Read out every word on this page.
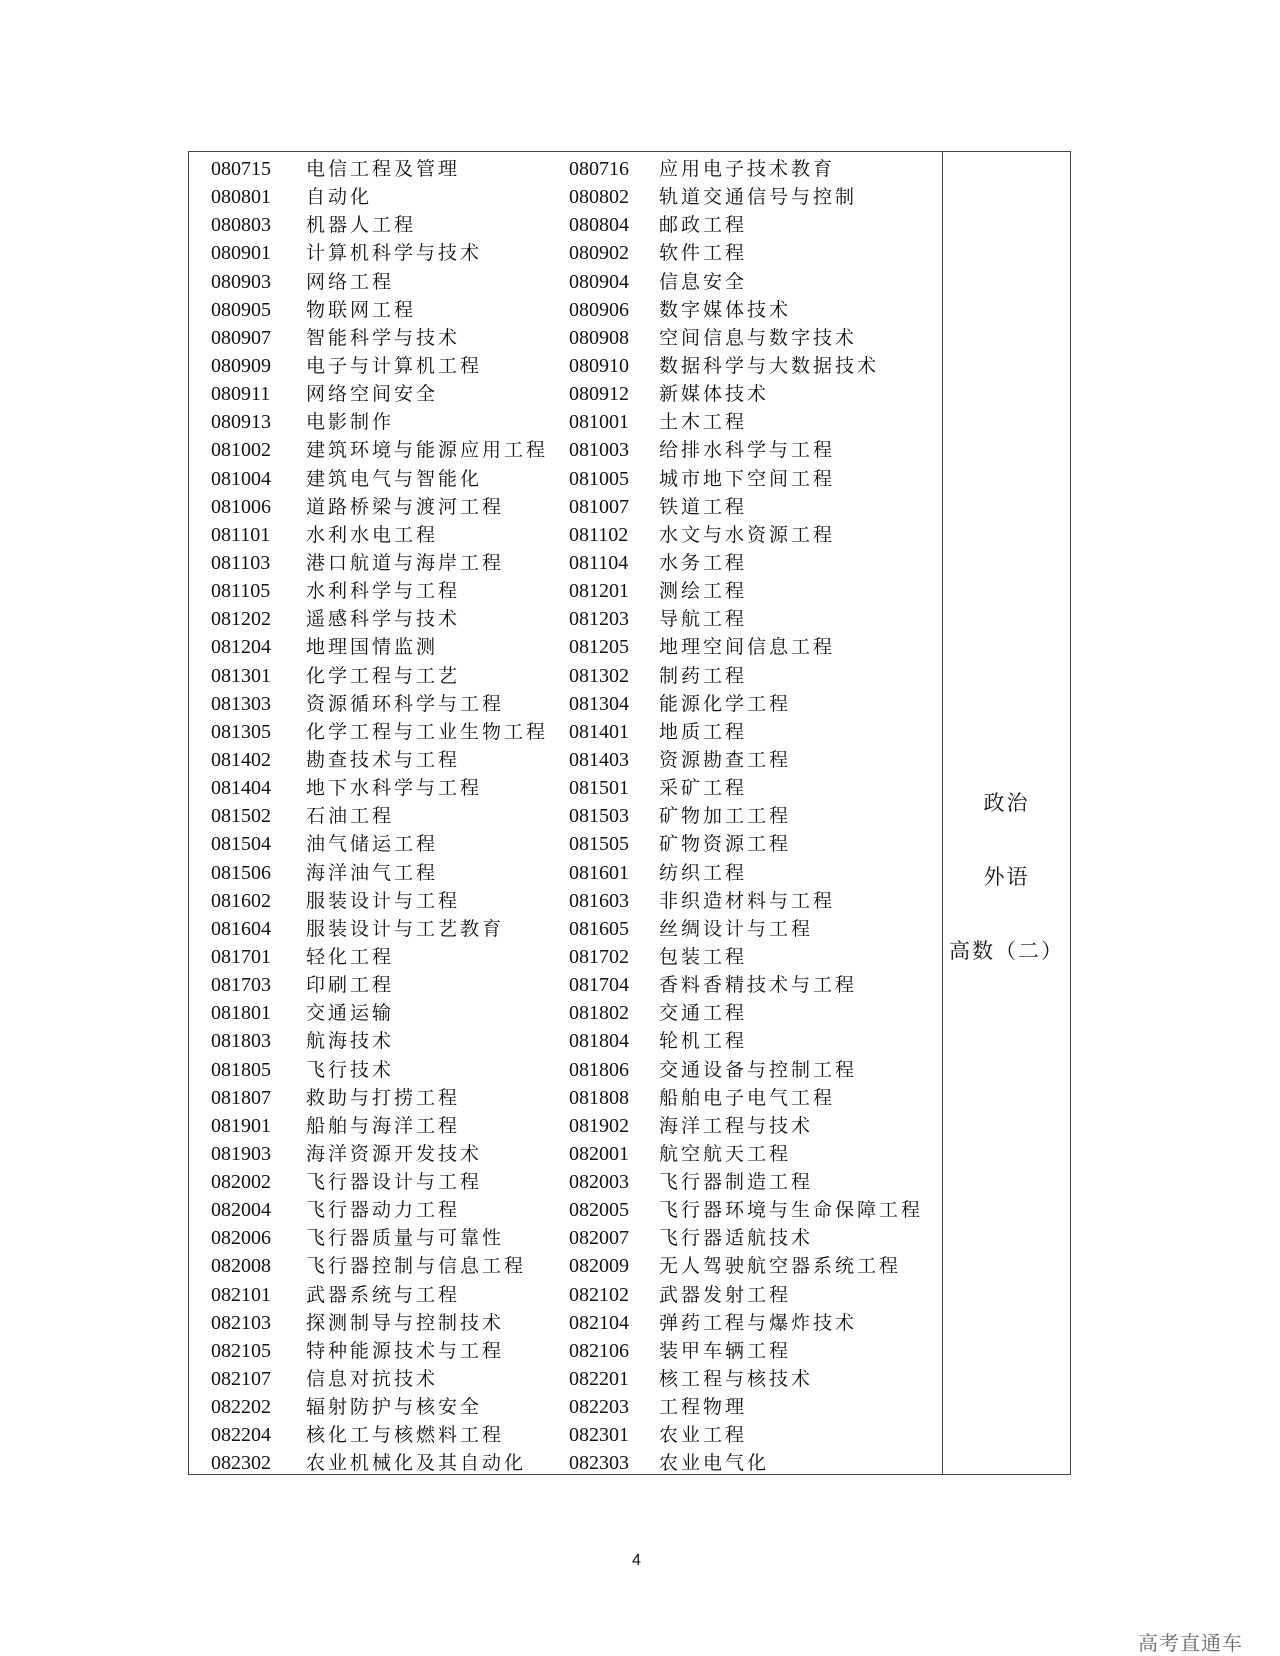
080715 电信工程及管理	080716 应用电子技术教育
080801 自动化	080802 轨道交通信号与控制
080803 机器人工程	080804 邮政工程
080901 计算机科学与技术	080902 软件工程
080903 网络工程	080904 信息安全
080905 物联网工程	080906 数字媒体技术
080907 智能科学与技术	080908 空间信息与数字技术
080909 电子与计算机工程	080910 数据科学与大数据技术
080911 网络空间安全	080912 新媒体技术
080913 电影制作	081001 土木工程
081002 建筑环境与能源应用工程 081003 给排水科学与工程
081004 建筑电气与智能化	081005 城市地下空间工程
081006 道路桥梁与渡河工程	081007 铁道工程
081101 水利水电工程	081102 水文与水资源工程
081103 港口航道与海岸工程	081104 水务工程
081105 水利科学与工程	081201 测绘工程
081202 遥感科学与技术	081203 导航工程
081204 地理国情监测	081205 地理空间信息工程
081301 化学工程与工艺	081302 制药工程
081303 资源循环科学与工程	081304 能源化学工程
081305 化学工程与工业生物工程 081401 地质工程
081402 勘查技术与工程	081403 资源勘查工程
081404 地下水科学与工程	081501 采矿工程
081502 石油工程	081503 矿物加工工程
081504 油气储运工程	081505 矿物资源工程
081506 海洋油气工程	081601 纺织工程
081602 服装设计与工程	081603 非织造材料与工程
081604 服装设计与工艺教育	081605 丝绸设计与工程
081701 轻化工程	081702 包装工程
081703 印刷工程	081704 香料香精技术与工程
081801 交通运输	081802 交通工程
081803 航海技术	081804 轮机工程
081805 飞行技术	081806 交通设备与控制工程
081807 救助与打捞工程	081808 船舶电子电气工程
081901 船舶与海洋工程	081902 海洋工程与技术
081903 海洋资源开发技术	082001 航空航天工程
082002 飞行器设计与工程	082003 飞行器制造工程
082004 飞行器动力工程	082005 飞行器环境与生命保障工程
082006 飞行器质量与可靠性	082007 飞行器适航技术
082008 飞行器控制与信息工程 082009 无人驾驶航空器系统工程
082101 武器系统与工程	082102 武器发射工程
082103 探测制导与控制技术	082104 弹药工程与爆炸技术
082105 特种能源技术与工程	082106 装甲车辆工程
082107 信息对抗技术	082201 核工程与核技术
082202 辐射防护与核安全	082203 工程物理
082204 核化工与核燃料工程	082301 农业工程
082302 农业机械化及其自动化 082303 农业电气化
政治
外语
高数（二）
4
高考直通车
